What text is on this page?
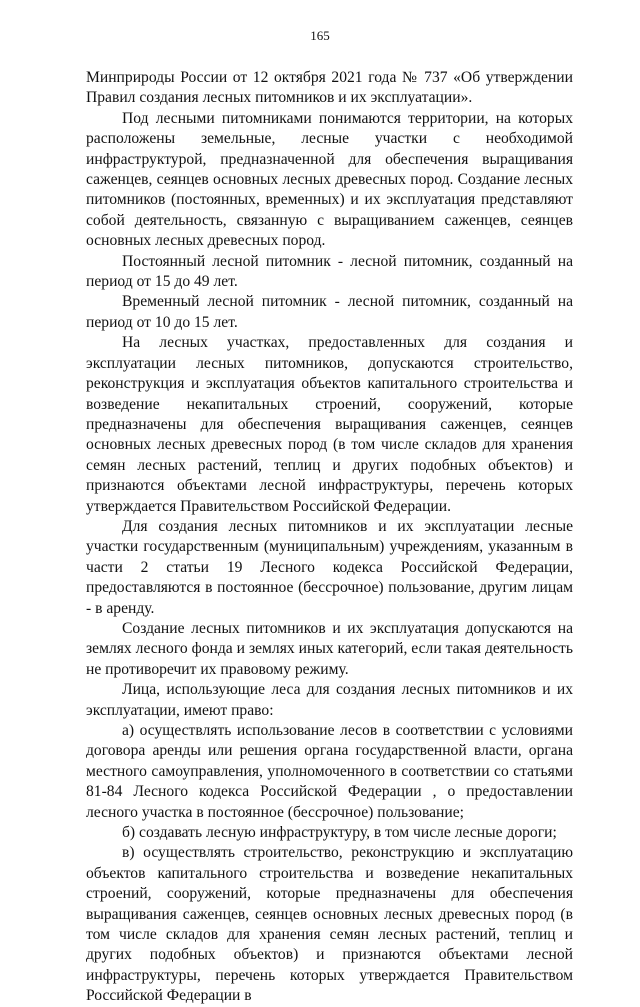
165

Минприроды России от 12 октября 2021 года № 737 «Об утверждении Правил создания лесных питомников и их эксплуатации».

Под лесными питомниками понимаются территории, на которых расположены земельные, лесные участки с необходимой инфраструктурой, предназначенной для обеспечения выращивания саженцев, сеянцев основных лесных древесных пород. Создание лесных питомников (постоянных, временных) и их эксплуатация представляют собой деятельность, связанную с выращиванием саженцев, сеянцев основных лесных древесных пород.

Постоянный лесной питомник - лесной питомник, созданный на период от 15 до 49 лет.

Временный лесной питомник - лесной питомник, созданный на период от 10 до 15 лет.

На лесных участках, предоставленных для создания и эксплуатации лесных питомников, допускаются строительство, реконструкция и эксплуатация объектов капитального строительства и возведение некапитальных строений, сооружений, которые предназначены для обеспечения выращивания саженцев, сеянцев основных лесных древесных пород (в том числе складов для хранения семян лесных растений, теплиц и других подобных объектов) и признаются объектами лесной инфраструктуры, перечень которых утверждается Правительством Российской Федерации.

Для создания лесных питомников и их эксплуатации лесные участки государственным (муниципальным) учреждениям, указанным в части 2 статьи 19 Лесного кодекса Российской Федерации, предоставляются в постоянное (бессрочное) пользование, другим лицам - в аренду.

Создание лесных питомников и их эксплуатация допускаются на землях лесного фонда и землях иных категорий, если такая деятельность не противоречит их правовому режиму.

Лица, использующие леса для создания лесных питомников и их эксплуатации, имеют право:

а) осуществлять использование лесов в соответствии с условиями договора аренды или решения органа государственной власти, органа местного самоуправления, уполномоченного в соответствии со статьями 81-84 Лесного кодекса Российской Федерации , о предоставлении лесного участка в постоянное (бессрочное) пользование;

б) создавать лесную инфраструктуру, в том числе лесные дороги;

в) осуществлять строительство, реконструкцию и эксплуатацию объектов капитального строительства и возведение некапитальных строений, сооружений, которые предназначены для обеспечения выращивания саженцев, сеянцев основных лесных древесных пород (в том числе складов для хранения семян лесных растений, теплиц и других подобных объектов) и признаются объектами лесной инфраструктуры, перечень которых утверждается Правительством Российской Федерации в
